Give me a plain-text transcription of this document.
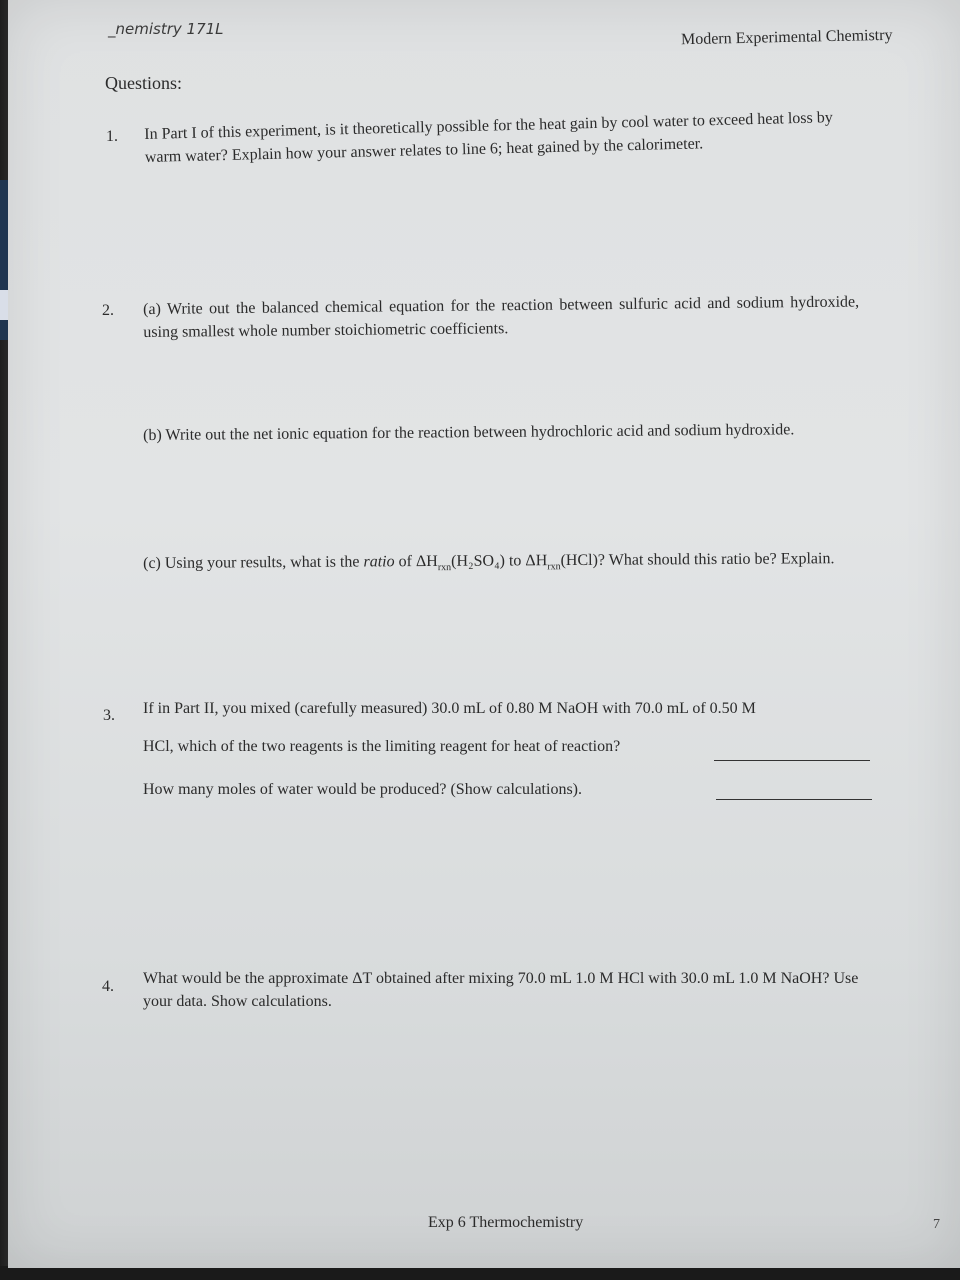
_nemistry 171L	Modern Experimental Chemistry
Questions:
1. In Part I of this experiment, is it theoretically possible for the heat gain by cool water to exceed heat loss by warm water? Explain how your answer relates to line 6; heat gained by the calorimeter.
2. (a) Write out the balanced chemical equation for the reaction between sulfuric acid and sodium hydroxide, using smallest whole number stoichiometric coefficients.
(b) Write out the net ionic equation for the reaction between hydrochloric acid and sodium hydroxide.
(c) Using your results, what is the ratio of $\Delta H_{rxn}(H_2SO_4)$ to $\Delta H_{rxn}(HCl)$? What should this ratio be? Explain.
3. If in Part II, you mixed (carefully measured) 30.0 mL of 0.80 M NaOH with 70.0 mL of 0.50 M
HCl, which of the two reagents is the limiting reagent for heat of reaction?
How many moles of water would be produced? (Show calculations).
4. What would be the approximate ΔT obtained after mixing 70.0 mL 1.0 M HCl with 30.0 mL 1.0 M NaOH? Use your data. Show calculations.
Exp 6 Thermochemistry	7
